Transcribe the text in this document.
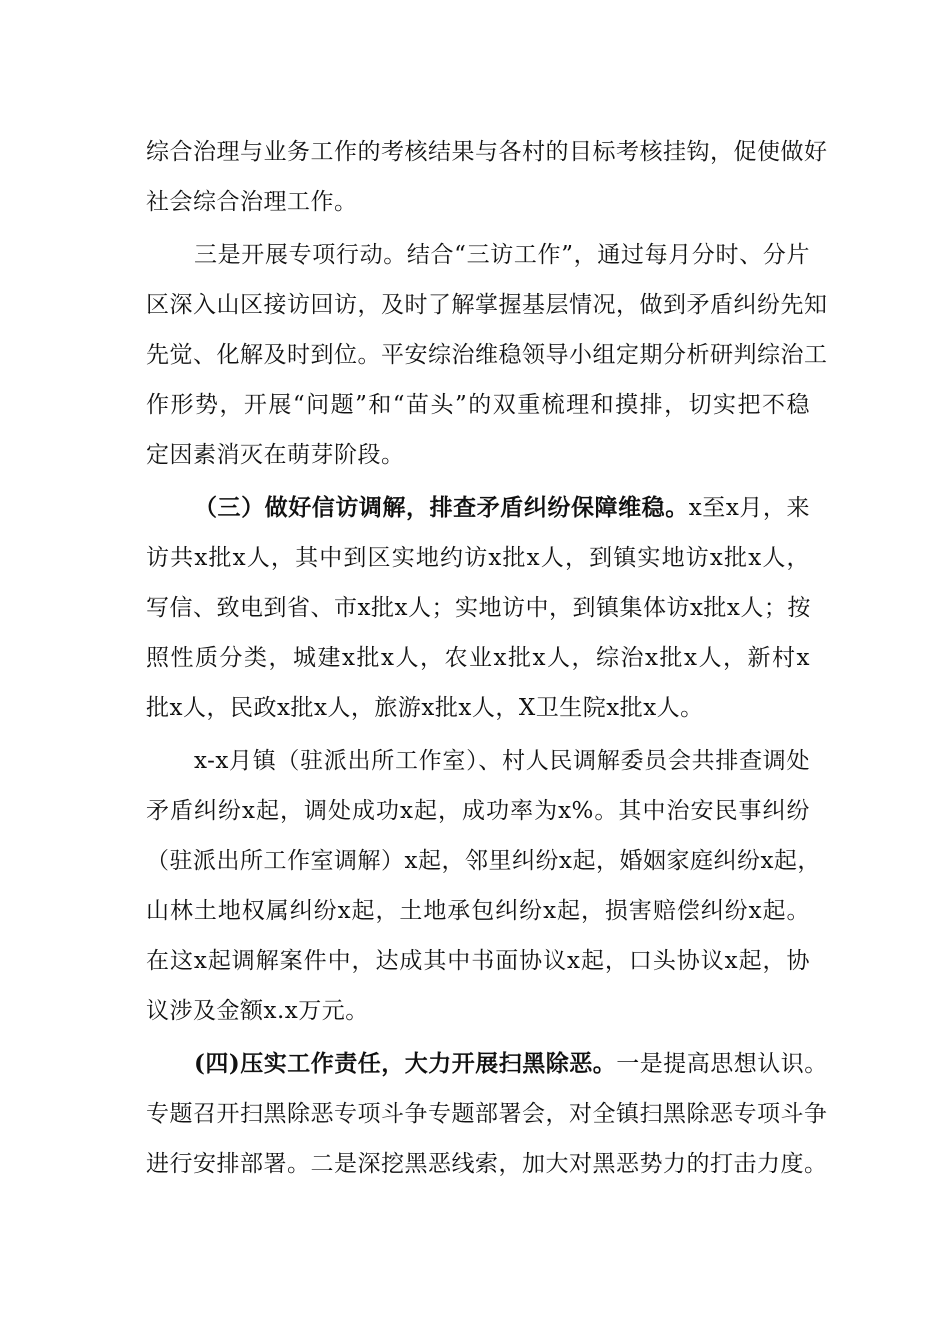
综合治理与业务工作的考核结果与各村的目标考核挂钩，促使做好
社会综合治理工作。
三是开展专项行动。结合“三访工作”，通过每月分时、分片
区深入山区接访回访，及时了解掌握基层情况，做到矛盾纠纷先知
先觉、化解及时到位。平安综治维稳领导小组定期分析研判综治工
作形势，开展“问题”和“苗头”的双重梳理和摸排，切实把不稳
定因素消灭在萌芽阶段。
（三）做好信访调解，排查矛盾纠纷保障维稳。x至x月，来
访共x批x人，其中到区实地约访x批x人，到镇实地访x批x人，
写信、致电到省、市x批x人；实地访中，到镇集体访x批x人；按
照性质分类，城建x批x人，农业x批x人，综治x批x人，新村x
批x人，民政x批x人，旅游x批x人，X卫生院x批x人。
x-x月镇（驻派出所工作室）、村人民调解委员会共排查调处
矛盾纠纷x起，调处成功x起，成功率为x%。其中治安民事纠纷
（驻派出所工作室调解）x起，邻里纠纷x起，婚姻家庭纠纷x起，
山林土地权属纠纷x起，土地承包纠纷x起，损害赔偿纠纷x起。
在这x起调解案件中，达成其中书面协议x起，口头协议x起，协
议涉及金额x.x万元。
(四)压实工作责任，大力开展扫黑除恶。一是提高思想认识。
专题召开扫黑除恶专项斗争专题部署会，对全镇扫黑除恶专项斗争
进行安排部署。二是深挖黑恶线索，加大对黑恶势力的打击力度。
